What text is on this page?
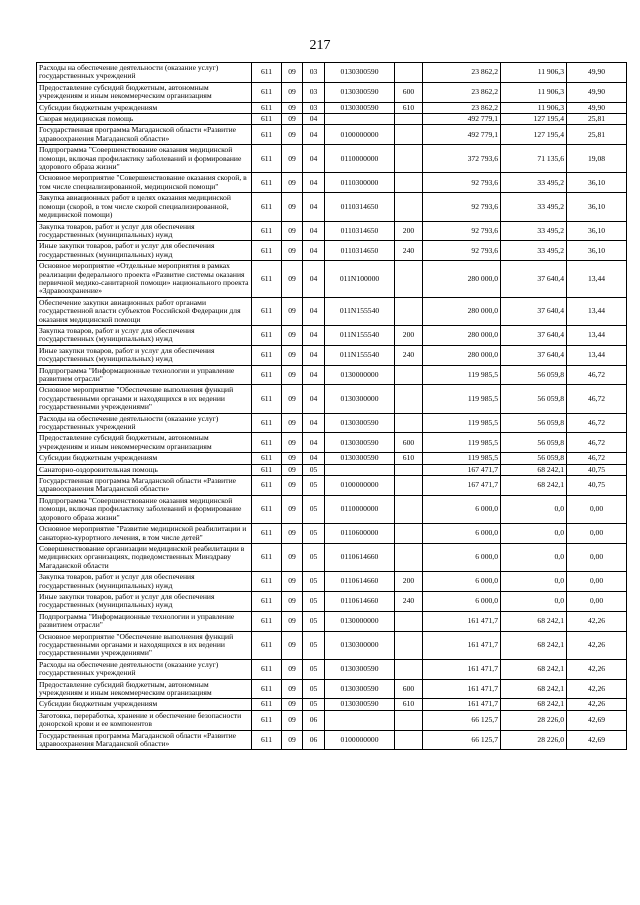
217
Расходы на обеспечение деятельности (оказание услуг) государственных учреждений	611	09	03	0130300590		23 862,2	11 906,3	49,90
Предоставление субсидий бюджетным, автономным учреждениям и иным некоммерческим организациям	611	09	03	0130300590	600	23 862,2	11 906,3	49,90
Субсидии бюджетным учреждениям	611	09	03	0130300590	610	23 862,2	11 906,3	49,90
Скорая медицинская помощь	611	09	04			492 779,1	127 195,4	25,81
Государственная программа Магаданской области «Развитие здравоохранения Магаданской области»	611	09	04	0100000000		492 779,1	127 195,4	25,81
Подпрограмма "Совершенствование оказания медицинской помощи, включая профилактику заболеваний и формирование здорового образа жизни"	611	09	04	0110000000		372 793,6	71 135,6	19,08
Основное мероприятие "Совершенствование оказания скорой, в том числе специализированной, медицинской помощи"	611	09	04	0110300000		92 793,6	33 495,2	36,10
Закупка авиационных работ в целях оказания медицинской помощи (скорой, в том числе скорой специализированной, медицинской помощи)	611	09	04	0110314650		92 793,6	33 495,2	36,10
Закупка товаров, работ и услуг для обеспечения государственных (муниципальных) нужд	611	09	04	0110314650	200	92 793,6	33 495,2	36,10
Иные закупки товаров, работ и услуг для обеспечения государственных (муниципальных) нужд	611	09	04	0110314650	240	92 793,6	33 495,2	36,10
Основное мероприятие «Отдельные мероприятия в рамках реализации федерального проекта «Развитие системы оказания первичной медико-санитарной помощи» национального проекта «Здравоохранение»	611	09	04	011N100000		280 000,0	37 640,4	13,44
Обеспечение закупки авиационных работ органами государственной власти субъектов Российской Федерации для оказания медицинской помощи	611	09	04	011N155540		280 000,0	37 640,4	13,44
Закупка товаров, работ и услуг для обеспечения государственных (муниципальных) нужд	611	09	04	011N155540	200	280 000,0	37 640,4	13,44
Иные закупки товаров, работ и услуг для обеспечения государственных (муниципальных) нужд	611	09	04	011N155540	240	280 000,0	37 640,4	13,44
Подпрограмма "Информационные технологии и управление развитием отрасли"	611	09	04	0130000000		119 985,5	56 059,8	46,72
Основное мероприятие "Обеспечение выполнения функций государственными органами и находящихся в их ведении государственными учреждениями"	611	09	04	0130300000		119 985,5	56 059,8	46,72
Расходы на обеспечение деятельности (оказание услуг) государственных учреждений	611	09	04	0130300590		119 985,5	56 059,8	46,72
Предоставление субсидий бюджетным, автономным учреждениям и иным некоммерческим организациям	611	09	04	0130300590	600	119 985,5	56 059,8	46,72
Субсидии бюджетным учреждениям	611	09	04	0130300590	610	119 985,5	56 059,8	46,72
Санаторно-оздоровительная помощь	611	09	05			167 471,7	68 242,1	40,75
Государственная программа Магаданской области «Развитие здравоохранения Магаданской области»	611	09	05	0100000000		167 471,7	68 242,1	40,75
Подпрограмма "Совершенствование оказания медицинской помощи, включая профилактику заболеваний и формирование здорового образа жизни"	611	09	05	0110000000		6 000,0	0,0	0,00
Основное мероприятие "Развитие медицинской реабилитации и санаторно-курортного лечения, в том числе детей"	611	09	05	0110600000		6 000,0	0,0	0,00
Совершенствование организации медицинской реабилитации в медицинских организациях, подведомственных Минздраву Магаданской области	611	09	05	0110614660		6 000,0	0,0	0,00
Закупка товаров, работ и услуг для обеспечения государственных (муниципальных) нужд	611	09	05	0110614660	200	6 000,0	0,0	0,00
Иные закупки товаров, работ и услуг для обеспечения государственных (муниципальных) нужд	611	09	05	0110614660	240	6 000,0	0,0	0,00
Подпрограмма "Информационные технологии и управление развитием отрасли"	611	09	05	0130000000		161 471,7	68 242,1	42,26
Основное мероприятие "Обеспечение выполнения функций государственными органами и находящихся в их ведении государственными учреждениями"	611	09	05	0130300000		161 471,7	68 242,1	42,26
Расходы на обеспечение деятельности (оказание услуг) государственных учреждений	611	09	05	0130300590		161 471,7	68 242,1	42,26
Предоставление субсидий бюджетным, автономным учреждениям и иным некоммерческим организациям	611	09	05	0130300590	600	161 471,7	68 242,1	42,26
Субсидии бюджетным учреждениям	611	09	05	0130300590	610	161 471,7	68 242,1	42,26
Заготовка, переработка, хранение и обеспечение безопасности донорской крови и ее компонентов	611	09	06			66 125,7	28 226,0	42,69
Государственная программа Магаданской области «Развитие здравоохранения Магаданской области»	611	09	06	0100000000		66 125,7	28 226,0	42,69
